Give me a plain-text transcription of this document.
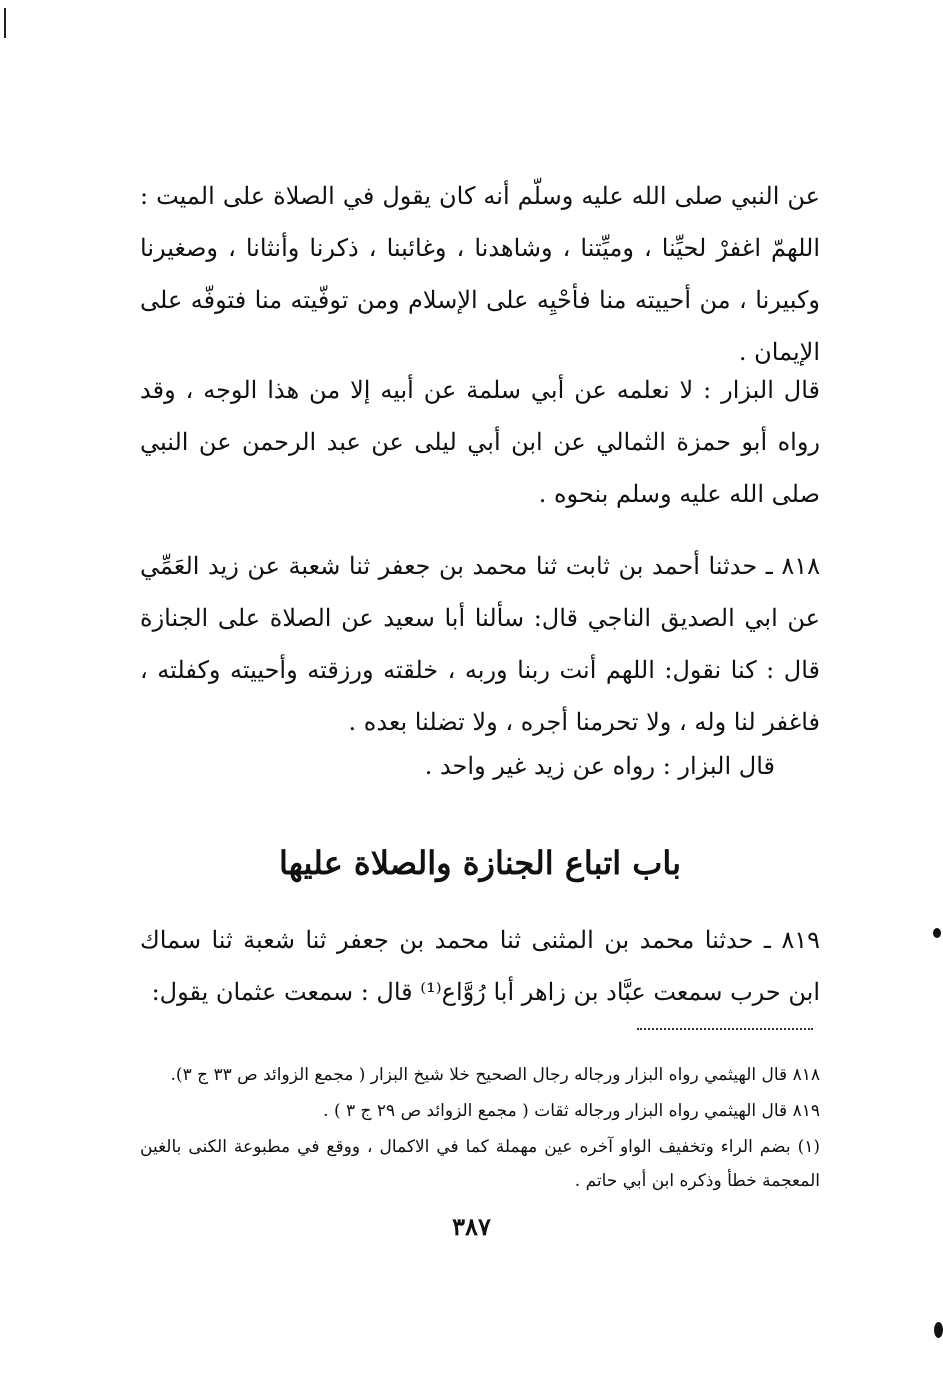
عن النبي صلى الله عليه وسلّم أنه كان يقول في الصلاة على الميت : اللهمّ اغفرْ لحيِّنا ، وميِّتنا ، وشاهدنا ، وغائبنا ، ذكرنا وأنثانا ، وصغيرنا وكبيرنا ، من أحييته منا فأحْيِه على الإسلام ومن توفّيته منا فتوفّه على الإيمان .

قال البزار : لا نعلمه عن أبي سلمة عن أبيه إلا من هذا الوجه ، وقد رواه أبو حمزة الثمالي عن ابن أبي ليلى عن عبد الرحمن عن النبي صلى الله عليه وسلم بنحوه .

٨١٨ ـ حدثنا أحمد بن ثابت ثنا محمد بن جعفر ثنا شعبة عن زيد العَمِّي عن ابي الصديق الناجي قال: سألنا أبا سعيد عن الصلاة على الجنازة قال : كنا نقول: اللهم أنت ربنا وربه ، خلقته ورزقته وأحييته وكفلته ، فاغفر لنا وله ، ولا تحرمنا أجره ، ولا تضلنا بعده .

قال البزار : رواه عن زيد غير واحد .

باب اتباع الجنازة والصلاة عليها

٨١٩ ـ حدثنا محمد بن المثنى ثنا محمد بن جعفر ثنا شعبة ثنا سماك ابن حرب سمعت عبَّاد بن زاهر أبا رُوَّاع⁽¹⁾ قال : سمعت عثمان يقول:

٨١٨ قال الهيثمي رواه البزار ورجاله رجال الصحيح خلا شيخ البزار ( مجمع الزوائد ص ٣٣ ج ٣).

٨١٩ قال الهيثمي رواه البزار ورجاله ثقات ( مجمع الزوائد ص ٢٩ ج ٣ ) .

(١) بضم الراء وتخفيف الواو آخره عين مهملة كما في الاكمال ، ووقع في مطبوعة الكنى بالغين المعجمة خطأ وذكره ابن أبي حاتم .

٣٨٧
